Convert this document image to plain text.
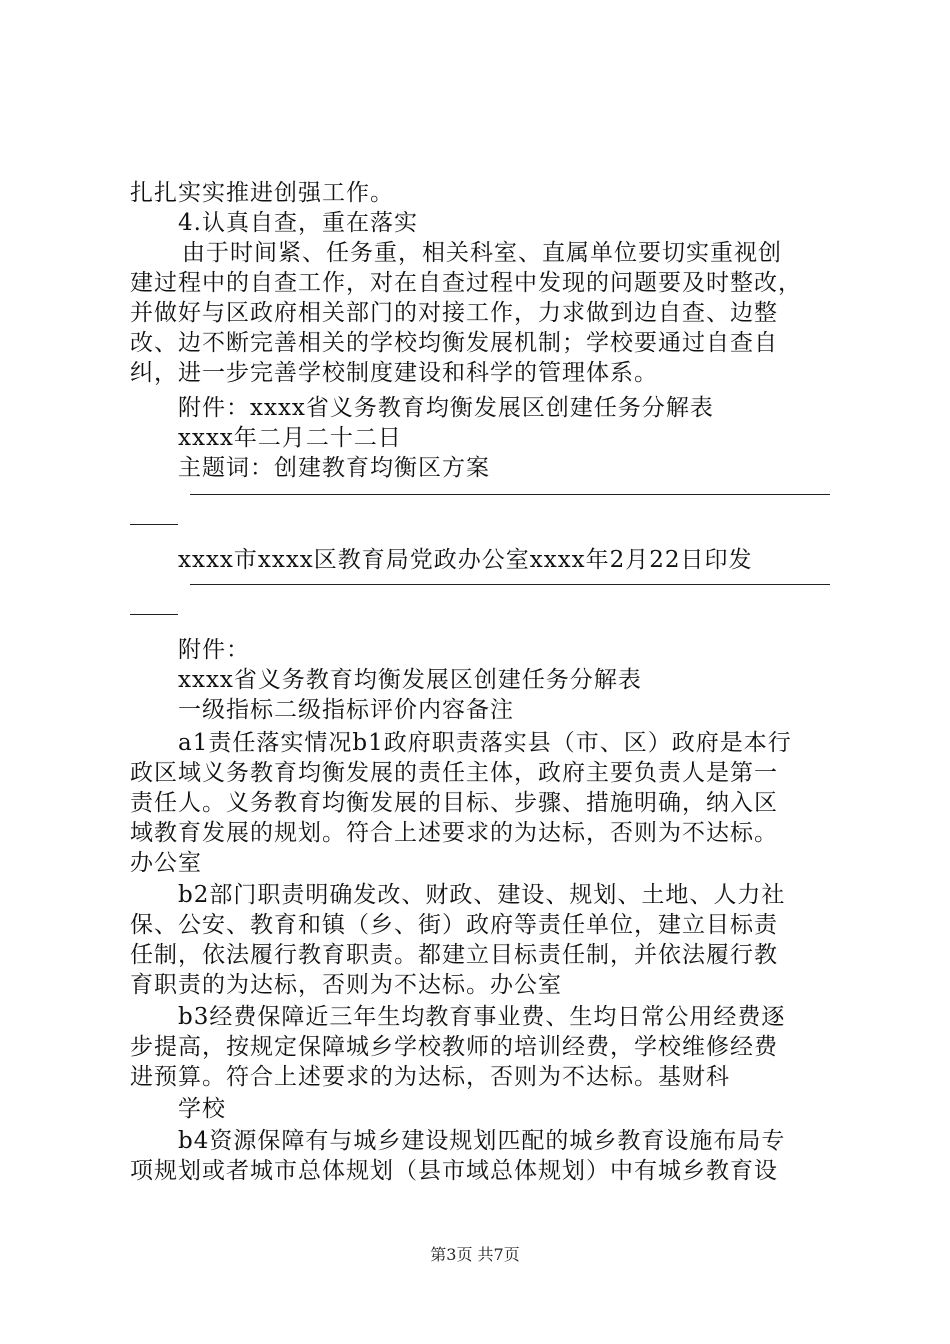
扎扎实实推进创强工作。
4.认真自查，重在落实
由于时间紧、任务重，相关科室、直属单位要切实重视创
建过程中的自查工作，对在自查过程中发现的问题要及时整改，
并做好与区政府相关部门的对接工作，力求做到边自查、边整
改、边不断完善相关的学校均衡发展机制；学校要通过自查自
纠，进一步完善学校制度建设和科学的管理体系。
附件：xxxx省义务教育均衡发展区创建任务分解表
xxxx年二月二十二日
主题词：创建教育均衡区方案
xxxx市xxxx区教育局党政办公室xxxx年2月22日印发
附件：
xxxx省义务教育均衡发展区创建任务分解表
一级指标二级指标评价内容备注
a1责任落实情况b1政府职责落实县（市、区）政府是本行
政区域义务教育均衡发展的责任主体，政府主要负责人是第一
责任人。义务教育均衡发展的目标、步骤、措施明确，纳入区
域教育发展的规划。符合上述要求的为达标，否则为不达标。
办公室
b2部门职责明确发改、财政、建设、规划、土地、人力社
保、公安、教育和镇（乡、街）政府等责任单位，建立目标责
任制，依法履行教育职责。都建立目标责任制，并依法履行教
育职责的为达标，否则为不达标。办公室
b3经费保障近三年生均教育事业费、生均日常公用经费逐
步提高，按规定保障城乡学校教师的培训经费，学校维修经费
进预算。符合上述要求的为达标，否则为不达标。基财科
学校
b4资源保障有与城乡建设规划匹配的城乡教育设施布局专
项规划或者城市总体规划（县市域总体规划）中有城乡教育设
第3页 共7页
